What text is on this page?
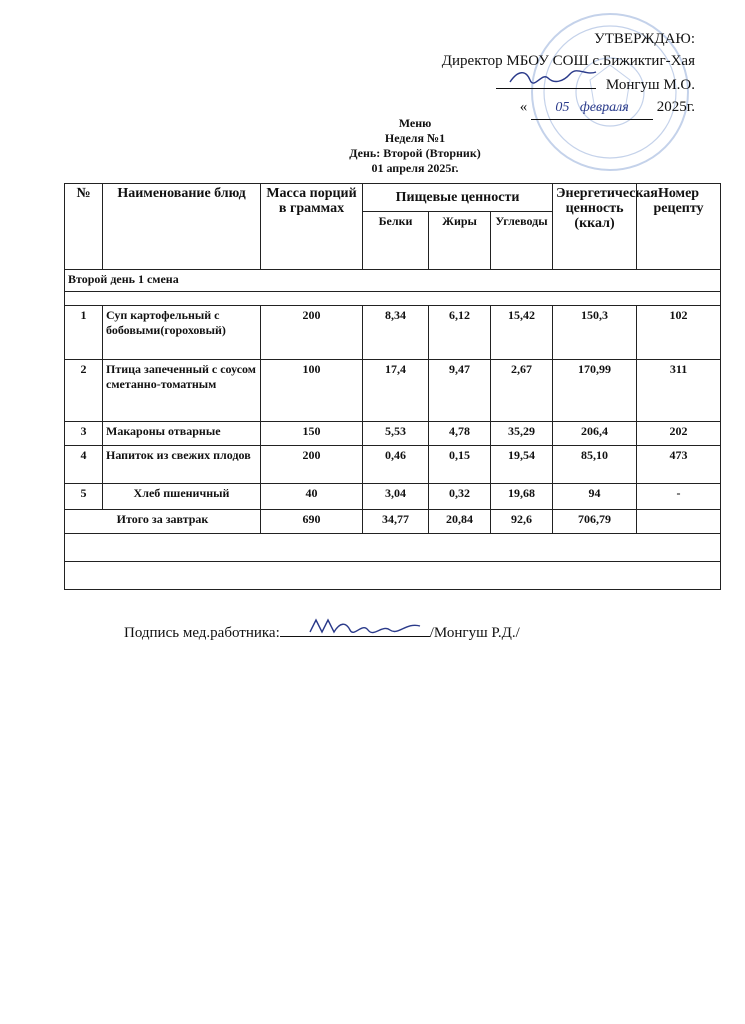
УТВЕРЖДАЮ:
Директор МБОУ СОШ с.Бижиктиг-Хая
Монгуш М.О.
« 05 февраля 2025г.
Меню
Неделя №1
День: Второй (Вторник)
01 апреля 2025г.
№	Наименование блюд	Масса порций в граммах	Пищевые ценности			Энергетическая ценность (ккал)	Номер рецепту
			Белки	Жиры	Углеводы		
Второй день 1 смена							

1	Суп картофельный с бобовыми(гороховый)	200	8,34	6,12	15,42	150,3	102
2	Птица запеченный с соусом сметанно-томатным	100	17,4	9,47	2,67	170,99	311
3	Макароны отварные	150	5,53	4,78	35,29	206,4	202
4	Напиток из свежих плодов	200	0,46	0,15	19,54	85,10	473
5	Хлеб пшеничный	40	3,04	0,32	19,68	94	-
Итого за завтрак		690	34,77	20,84	92,6	706,79	

Подпись мед.работника:	/Монгуш Р.Д./
